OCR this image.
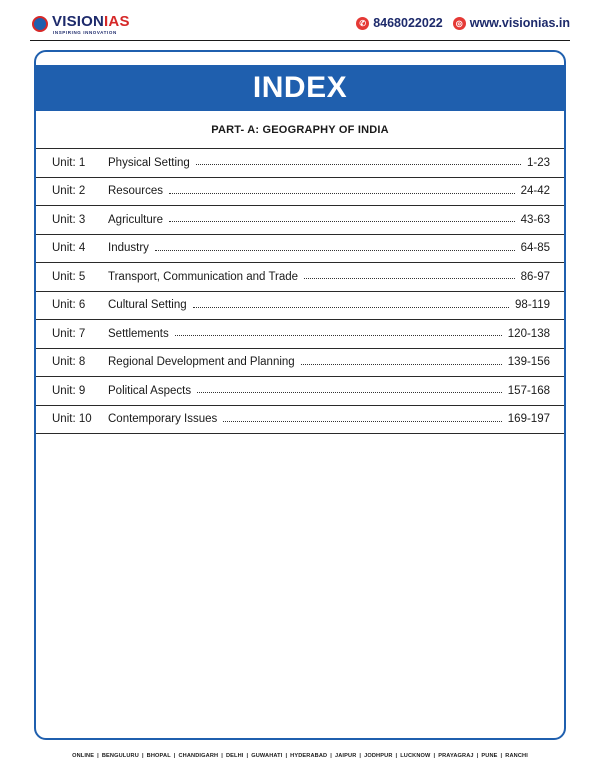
VISIONIAS
INSPIRING INNOVATION
✆ 8468022022	◎ www.visionias.in
INDEX
PART- A: GEOGRAPHY OF INDIA
Unit: 1	Physical Setting	1-23
Unit: 2	Resources	24-42
Unit: 3	Agriculture	43-63
Unit: 4	Industry	64-85
Unit: 5	Transport, Communication and Trade	86-97
Unit: 6	Cultural Setting	98-119
Unit: 7	Settlements	120-138
Unit: 8	Regional Development and Planning	139-156
Unit: 9	Political Aspects	157-168
Unit: 10	Contemporary Issues	169-197
ONLINE | BENGULURU | BHOPAL | CHANDIGARH | DELHI | GUWAHATI | HYDERABAD | JAIPUR | JODHPUR | LUCKNOW | PRAYAGRAJ | PUNE | RANCHI
